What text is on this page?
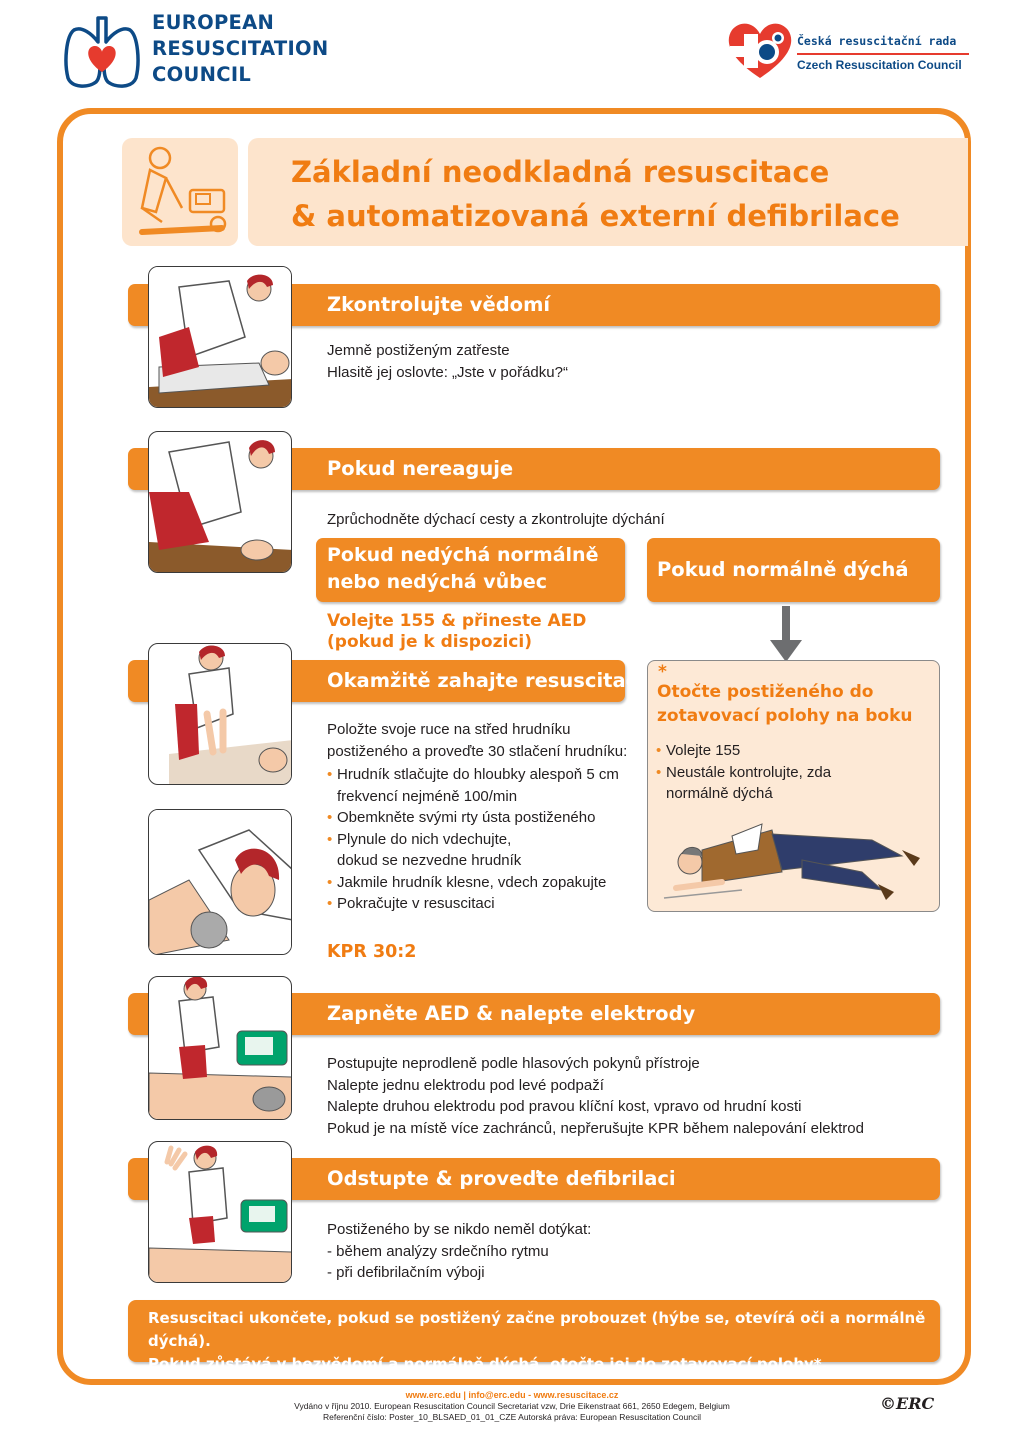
EUROPEAN
RESUSCITATION
COUNCIL
Česká resuscitační rada
Czech Resuscitation Council
Základní neodkladná resuscitace
& automatizovaná externí defibrilace
Zkontrolujte vědomí
Jemně postiženým zatřeste
Hlasitě jej oslovte: „Jste v pořádku?“
Pokud nereaguje
Zprůchodněte dýchací cesty a zkontrolujte dýchání
Pokud nedýchá normálně
nebo nedýchá vůbec
Pokud normálně dýchá
Volejte 155 & přineste AED
(pokud je k dispozici)
*
Otočte postiženého do
zotavovací polohy na boku
• Volejte 155
• Neustále kontrolujte, zda
normálně dýchá
Okamžitě zahajte resuscitaci
Položte svoje ruce na střed hrudníku
postiženého a proveďte 30 stlačení hrudníku:
• Hrudník stlačujte do hloubky alespoň 5 cm
frekvencí nejméně 100/min
• Obemkněte svými rty ústa postiženého
• Plynule do nich vdechujte,
dokud se nezvedne hrudník
• Jakmile hrudník klesne, vdech zopakujte
• Pokračujte v resuscitaci
KPR 30:2
Zapněte AED & nalepte elektrody
Postupujte neprodleně podle hlasových pokynů přístroje
Nalepte jednu elektrodu pod levé podpaží
Nalepte druhou elektrodu pod pravou klíční kost, vpravo od hrudní kosti
Pokud je na místě více zachránců, nepřerušujte KPR během nalepování elektrod
Odstupte & proveďte defibrilaci
Postiženého by se nikdo neměl dotýkat:
- během analýzy srdečního rytmu
- při defibrilačním výboji
Resuscitaci ukončete, pokud se postižený začne probouzet (hýbe se, otevírá oči a normálně dýchá).
Pokud zůstává v bezvědomí a normálně dýchá, otočte jej do zotavovací polohy*.
www.erc.edu | info@erc.edu - www.resuscitace.cz
Vydáno v říjnu 2010. European Resuscitation Council Secretariat vzw, Drie Eikenstraat 661, 2650 Edegem, Belgium
Referenční číslo: Poster_10_BLSAED_01_01_CZE Autorská práva: European Resuscitation Council
©ERC
